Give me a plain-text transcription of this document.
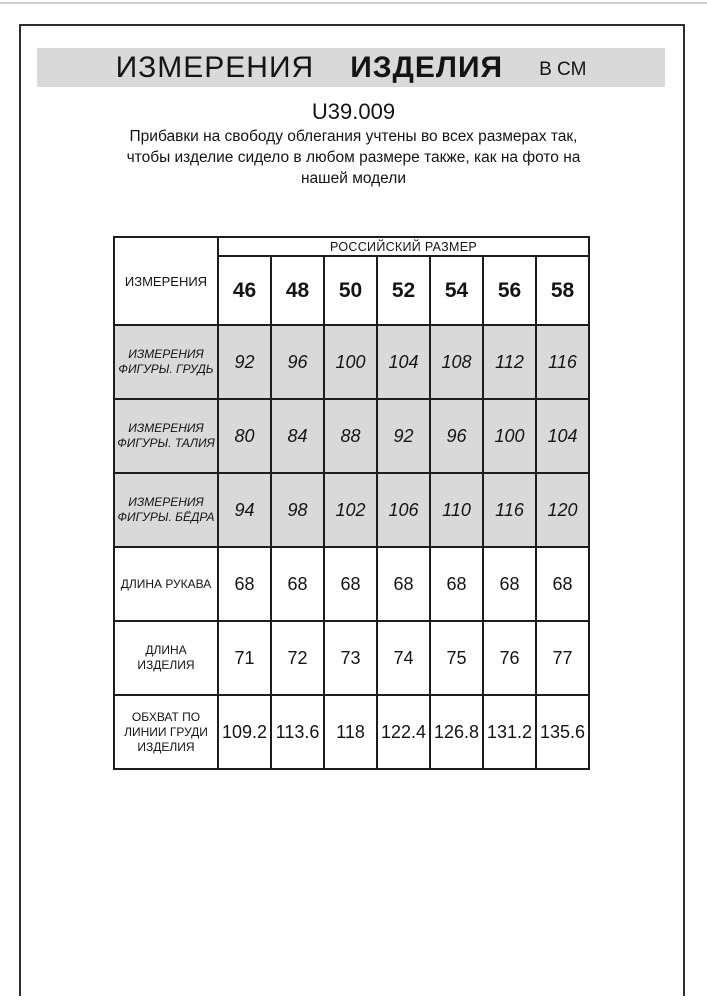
ИЗМЕРЕНИЯ ИЗДЕЛИЯ В СМ
U39.009
Прибавки на свободу облегания учтены во всех размерах так,
чтобы изделие сидело в любом размере также, как на фото на
нашей модели
ИЗМЕРЕНИЯ	РОССИЙСКИЙ РАЗМЕР						
	46	48	50	52	54	56	58
ИЗМЕРЕНИЯ ФИГУРЫ. ГРУДЬ	92	96	100	104	108	112	116
ИЗМЕРЕНИЯ ФИГУРЫ. ТАЛИЯ	80	84	88	92	96	100	104
ИЗМЕРЕНИЯ ФИГУРЫ. БЁДРА	94	98	102	106	110	116	120
ДЛИНА РУКАВА	68	68	68	68	68	68	68
ДЛИНА ИЗДЕЛИЯ	71	72	73	74	75	76	77
ОБХВАТ ПО ЛИНИИ ГРУДИ ИЗДЕЛИЯ	109.2	113.6	118	122.4	126.8	131.2	135.6
